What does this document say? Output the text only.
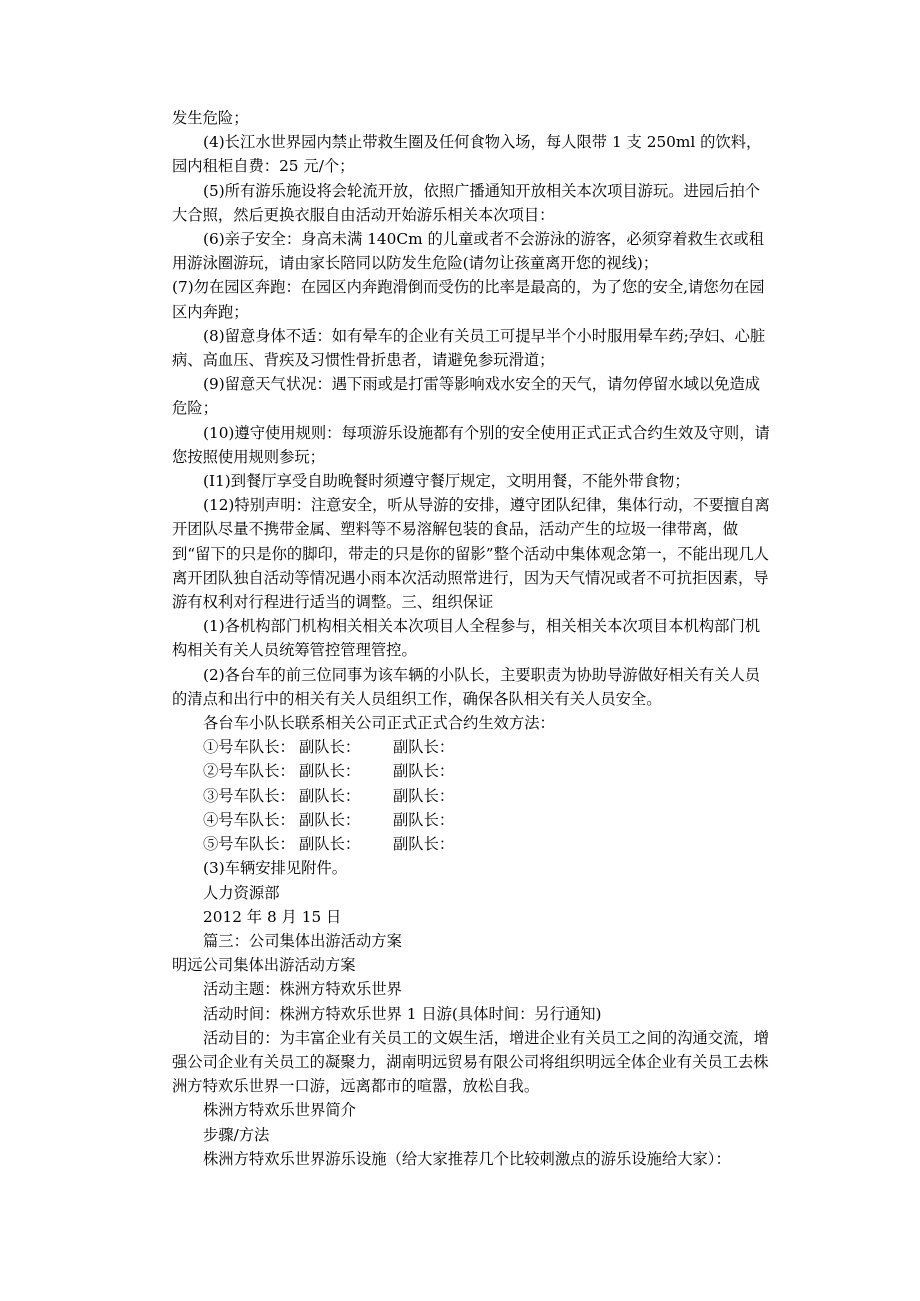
发生危险；

(4)长江水世界园内禁止带救生圈及任何食物入场，每人限带 1 支 250ml 的饮料，园内租柜自费：25 元/个；

(5)所有游乐施设将会轮流开放，依照广播通知开放相关本次项目游玩。进园后拍个大合照，然后更换衣服自由活动开始游乐相关本次项目：

(6)亲子安全：身高未满 140Cm 的儿童或者不会游泳的游客，必须穿着救生衣或租用游泳圈游玩，请由家长陪同以防发生危险(请勿让孩童离开您的视线)；

(7)勿在园区奔跑：在园区内奔跑滑倒而受伤的比率是最高的，为了您的安全,请您勿在园区内奔跑；

(8)留意身体不适：如有晕车的企业有关员工可提早半个小时服用晕车药;孕妇、心脏病、高血压、背疾及习惯性骨折患者，请避免参玩滑道；

(9)留意天气状况：遇下雨或是打雷等影响戏水安全的天气，请勿停留水域以免造成危险；

(10)遵守使用规则：每项游乐设施都有个别的安全使用正式正式合约生效及守则，请您按照使用规则参玩；

(I1)到餐厅享受自助晚餐时须遵守餐厅规定，文明用餐，不能外带食物；

(12)特别声明：注意安全，听从导游的安排，遵守团队纪律，集体行动，不要擅自离开团队尽量不携带金属、塑料等不易溶解包装的食品，活动产生的垃圾一律带离，做到“留下的只是你的脚印，带走的只是你的留影”整个活动中集体观念第一，不能出现几人离开团队独自活动等情况遇小雨本次活动照常进行，因为天气情况或者不可抗拒因素，导游有权利对行程进行适当的调整。三、组织保证

(1)各机构部门机构相关相关本次项目人全程参与，相关相关本次项目本机构部门机构相关有关人员统筹管控管理管控。

(2)各台车的前三位同事为该车辆的小队长，主要职责为协助导游做好相关有关人员的清点和出行中的相关有关人员组织工作，确保各队相关有关人员安全。

各台车小队长联系相关公司正式正式合约生效方法：

①号车队长： 副队长：	副队长：
②号车队长： 副队长：	副队长：
③号车队长： 副队长：	副队长：
④号车队长： 副队长：	副队长：
⑤号车队长： 副队长：	副队长：

(3)车辆安排见附件。

人力资源部

2012 年 8 月 15 日

篇三：公司集体出游活动方案

明远公司集体出游活动方案

活动主题：株洲方特欢乐世界

活动时间：株洲方特欢乐世界 1 日游(具体时间：另行通知)

活动目的：为丰富企业有关员工的文娱生活，增进企业有关员工之间的沟通交流，增强公司企业有关员工的凝聚力，湖南明远贸易有限公司将组织明远全体企业有关员工去株洲方特欢乐世界一口游，远离都市的喧嚣，放松自我。

株洲方特欢乐世界简介

步骤/方法

株洲方特欢乐世界游乐设施（给大家推荐几个比较刺激点的游乐设施给大家）：
